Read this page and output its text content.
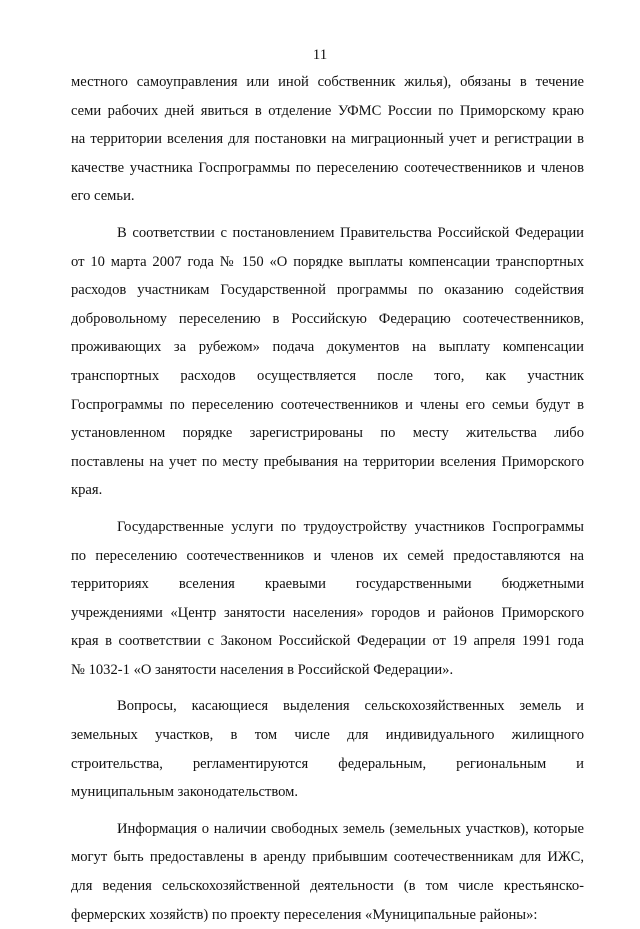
11
местного самоуправления или иной собственник жилья), обязаны в течение
семи рабочих дней явиться в отделение УФМС России по Приморскому краю
на территории вселения для постановки на миграционный учет и регистрации в
качестве участника Госпрограммы по переселению соотечественников и членов
его семьи.
В соответствии с постановлением Правительства Российской Федерации
от 10 марта 2007 года № 150 «О порядке выплаты компенсации транспортных
расходов участникам Государственной программы по оказанию содействия
добровольному переселению в Российскую Федерацию соотечественников,
проживающих за рубежом» подача документов на выплату компенсации
транспортных расходов осуществляется после того, как участник
Госпрограммы по переселению соотечественников и члены его семьи будут в
установленном порядке зарегистрированы по месту жительства либо
поставлены на учет по месту пребывания на территории вселения Приморского
края.
Государственные услуги по трудоустройству участников Госпрограммы
по переселению соотечественников и членов их семей предоставляются на
территориях вселения краевыми государственными бюджетными
учреждениями «Центр занятости населения» городов и районов Приморского
края в соответствии с Законом Российской Федерации от 19 апреля 1991 года
№ 1032-1 «О занятости населения в Российской Федерации».
Вопросы, касающиеся выделения сельскохозяйственных земель и
земельных участков, в том числе для индивидуального жилищного
строительства, регламентируются федеральным, региональным и
муниципальным законодательством.
Информация о наличии свободных земель (земельных участков), которые
могут быть предоставлены в аренду прибывшим соотечественникам для ИЖС,
для ведения сельскохозяйственной деятельности (в том числе крестьянско-
фермерских хозяйств) по проекту переселения «Муниципальные районы»:
